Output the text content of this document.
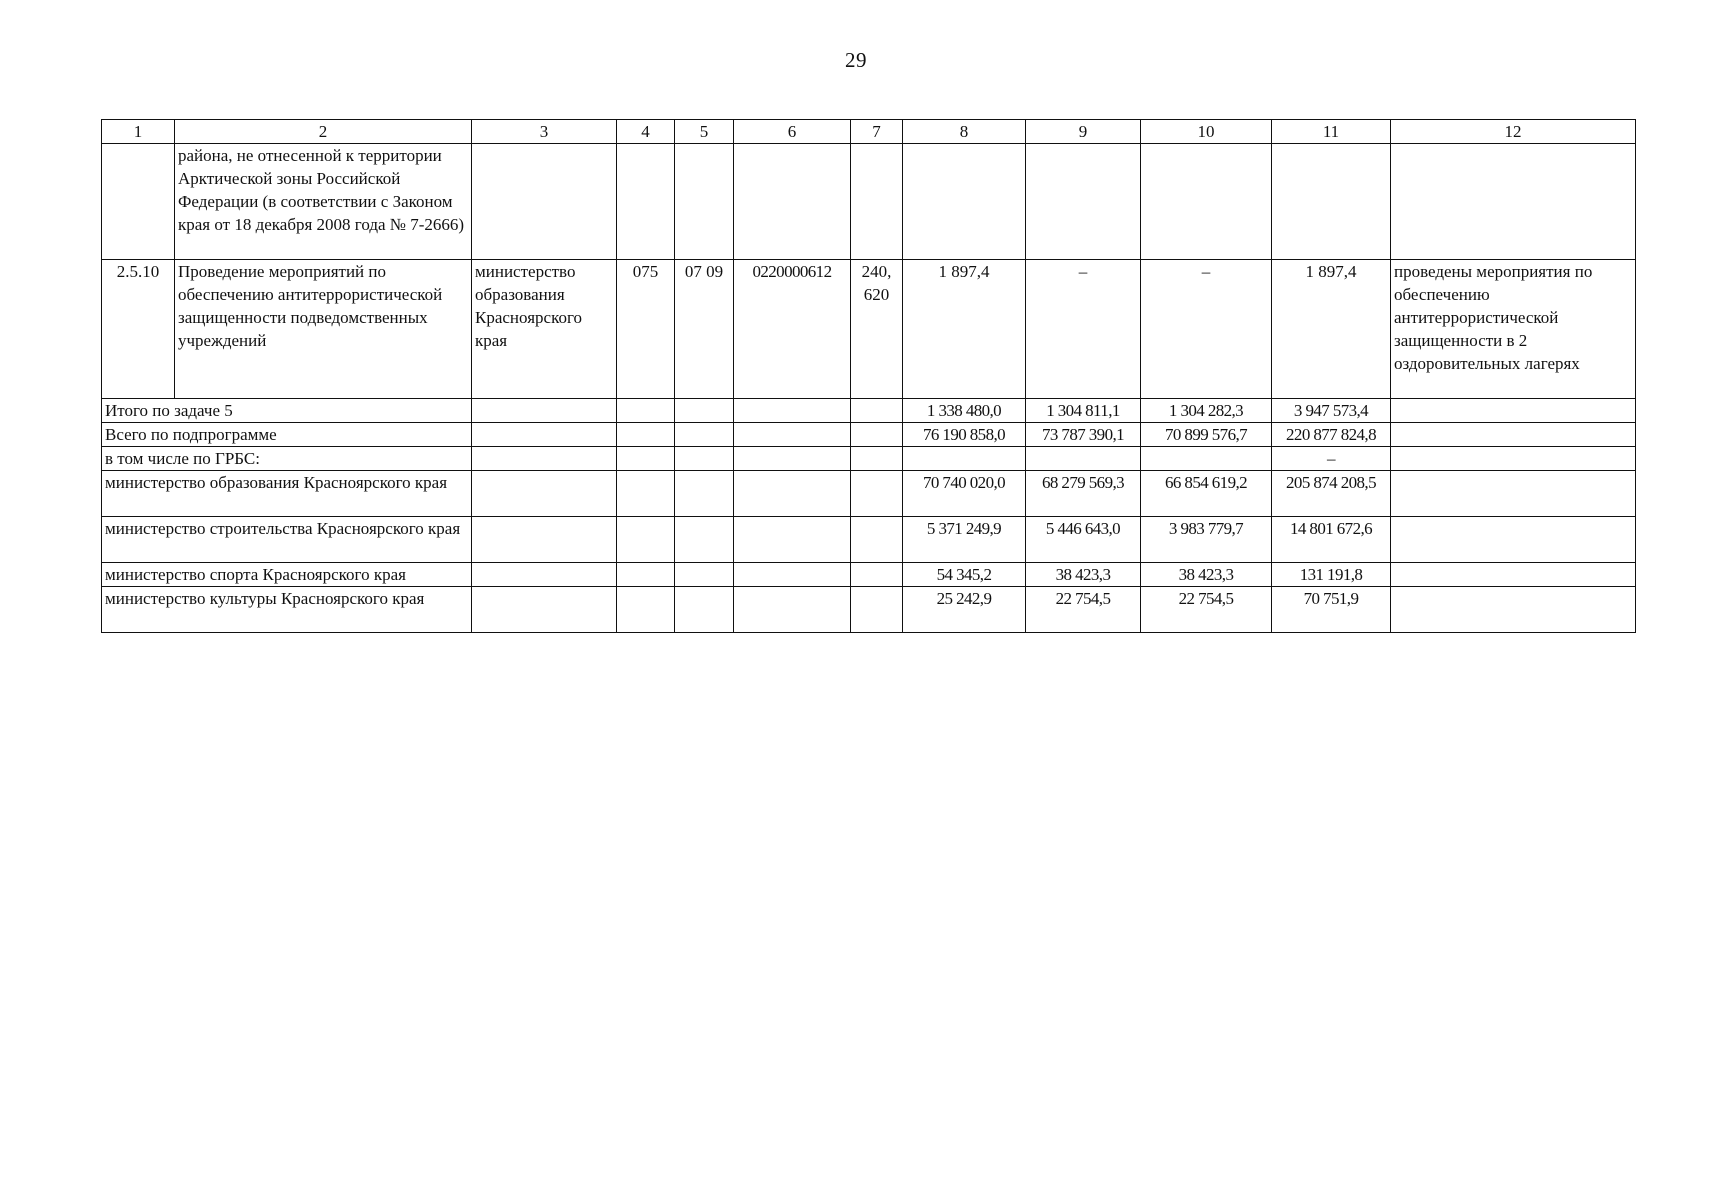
29
1	2	3	4	5	6	7	8	9	10	11	12
	района, не отнесенной к территории Арктической зоны Российской Федерации (в соответствии с Законом края от 18 декабря 2008 года № 7-2666)										
2.5.10	Проведение мероприятий по обеспечению антитеррористической защищенности подведомственных учреждений	министерство образования Красноярского края	075	07 09	0220000612	240, 620	1 897,4	–	–	1 897,4	проведены мероприятия по обеспечению антитеррористической защищенности в 2 оздоровительных лагерях
Итого по задаче 5							1 338 480,0	1 304 811,1	1 304 282,3	3 947 573,4	
Всего по подпрограмме							76 190 858,0	73 787 390,1	70 899 576,7	220 877 824,8	
в том числе по ГРБС:										–	
министерство образования Красноярского края							70 740 020,0	68 279 569,3	66 854 619,2	205 874 208,5	
министерство строительства Красноярского края							5 371 249,9	5 446 643,0	3 983 779,7	14 801 672,6	
министерство спорта Красноярского края							54 345,2	38 423,3	38 423,3	131 191,8	
министерство культуры Красноярского края							25 242,9	22 754,5	22 754,5	70 751,9	
